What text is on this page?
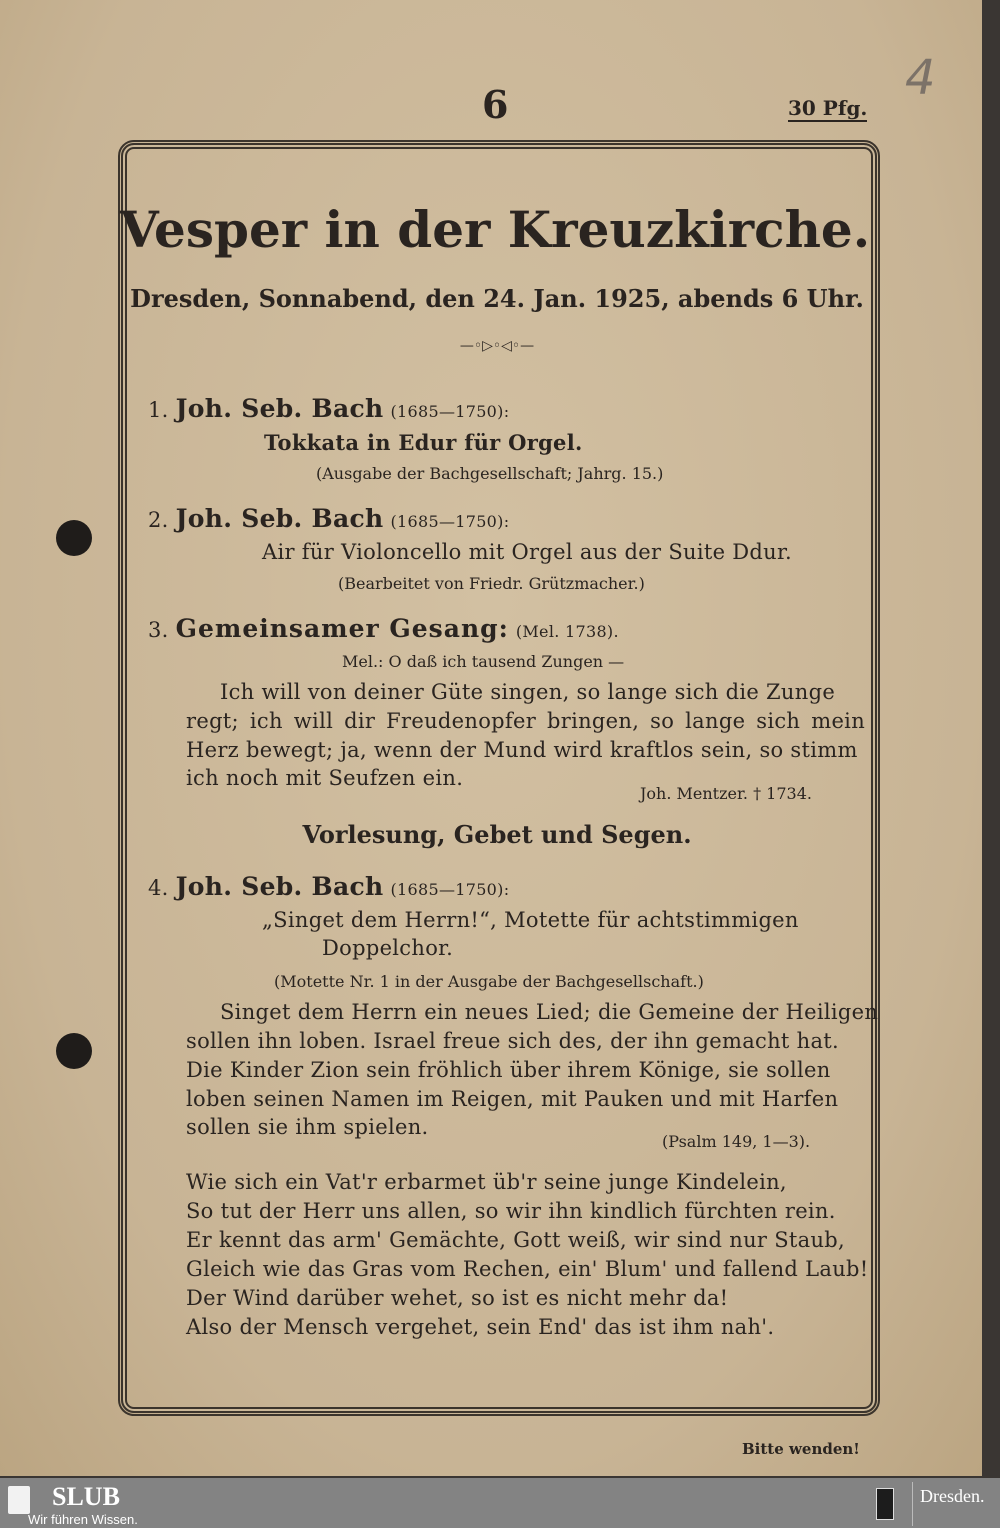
6	30 Pfg.
4
Vesper in der Kreuzkirche.
Dresden, Sonnabend, den 24. Jan. 1925, abends 6 Uhr.
—◦▷◦◁◦—
1. Joh. Seb. Bach (1685—1750):
Tokkata in Edur für Orgel.
(Ausgabe der Bachgesellschaft; Jahrg. 15.)
2. Joh. Seb. Bach (1685—1750):
Air für Violoncello mit Orgel aus der Suite Ddur.
(Bearbeitet von Friedr. Grützmacher.)
3. Gemeinsamer Gesang: (Mel. 1738).
Mel.: O daß ich tausend Zungen —
Ich will von deiner Güte singen, so lange sich die Zunge
regt; ich will dir Freudenopfer bringen, so lange sich mein
Herz bewegt; ja, wenn der Mund wird kraftlos sein, so stimm
ich noch mit Seufzen ein.
Joh. Mentzer. † 1734.
Vorlesung, Gebet und Segen.
4. Joh. Seb. Bach (1685—1750):
„Singet dem Herrn!“, Motette für achtstimmigen
Doppelchor.
(Motette Nr. 1 in der Ausgabe der Bachgesellschaft.)
Singet dem Herrn ein neues Lied; die Gemeine der Heiligen
sollen ihn loben. Israel freue sich des, der ihn gemacht hat.
Die Kinder Zion sein fröhlich über ihrem Könige, sie sollen
loben seinen Namen im Reigen, mit Pauken und mit Harfen
sollen sie ihm spielen.
(Psalm 149, 1—3).
Wie sich ein Vat'r erbarmet üb'r seine junge Kindelein,
So tut der Herr uns allen, so wir ihn kindlich fürchten rein.
Er kennt das arm' Gemächte, Gott weiß, wir sind nur Staub,
Gleich wie das Gras vom Rechen, ein' Blum' und fallend Laub!
Der Wind darüber wehet, so ist es nicht mehr da!
Also der Mensch vergehet, sein End' das ist ihm nah'.
Bitte wenden!
SLUB
Wir führen Wissen.
Dresden.
